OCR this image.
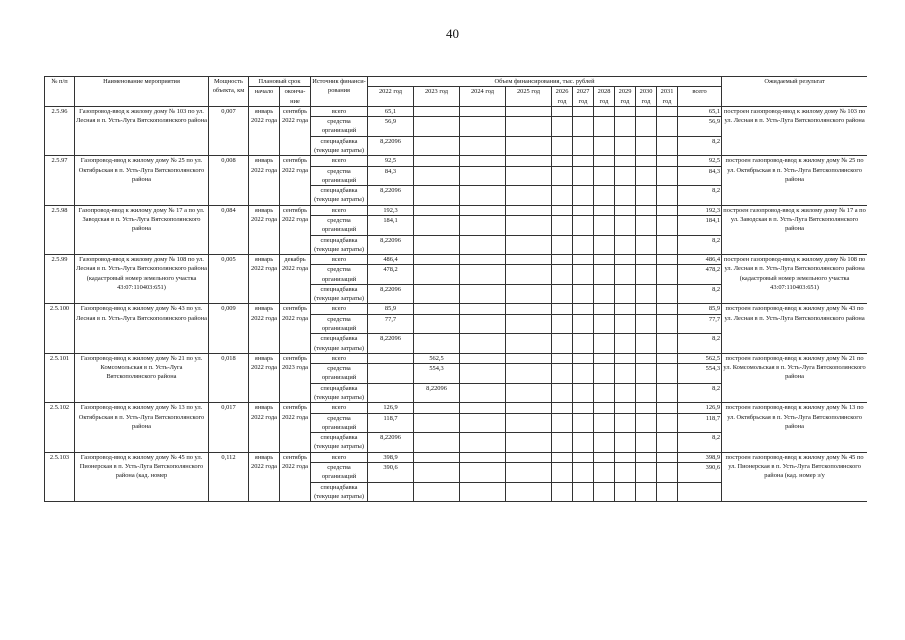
40
№ п/п	Наименование мероприятия	Мощность объекта, км	Плановый срок		Источник финанси-рования	Объем финансирования, тыс. рублей											Ожидаемый результат
			начало	оконча-ние		2022 год	2023 год	2024 год	2025 год	2026 год	2027 год	2028 год	2029 год	2030 год	2031 год	всего	
2.5.96	Газопровод-ввод к жилому дому № 103 по ул. Лесная в п. Усть-Луга Вятскополянского района	0,007	январь 2022 года	сентябрь 2022 года	всего	65,1										65,1	построен газопровод-ввод к жилому дому № 103 по ул. Лесная в п. Усть-Луга Вятскополянского района
					средства организаций	56,9										56,9	
					спецнадбавка (текущие затраты)	8,22096										8,2	
2.5.97	Газопровод-ввод к жилому дому № 25 по ул. Октябрьская в п. Усть-Луга Вятскополянского района	0,008	январь 2022 года	сентябрь 2022 года	всего	92,5										92,5	построен газопровод-ввод к жилому дому № 25 по ул. Октябрьская в п. Усть-Луга Вятскополянского района
					средства организаций	84,3										84,3	
					спецнадбавка (текущие затраты)	8,22096										8,2	
2.5.98	Газопровод-ввод к жилому дому № 17 а по ул. Заводская в п. Усть-Луга Вятскополянского района	0,084	январь 2022 года	сентябрь 2022 года	всего	192,3										192,3	построен газопровод-ввод к жилому дому № 17 а по ул. Заводская в п. Усть-Луга Вятскополянского района
					средства организаций	184,1										184,1	
					спецнадбавка (текущие затраты)	8,22096										8,2	
2.5.99	Газопровод-ввод к жилому дому № 108 по ул. Лесная в п. Усть-Луга Вятскополянского района (кадастровый номер земельного участка 43:07:110403:651)	0,005	январь 2022 года	декабрь 2022 года	всего	486,4										486,4	построен газопровод-ввод к жилому дому № 108 по ул. Лесная в п. Усть-Луга Вятскополянского района (кадастровый номер земельного участка 43:07:110403:651)
					средства организаций	478,2										478,2	
					спецнадбавка (текущие затраты)	8,22096										8,2	
2.5.100	Газопровод-ввод к жилому дому № 43 по ул. Лесная в п. Усть-Луга Вятскополянского района	0,009	январь 2022 года	сентябрь 2022 года	всего	85,9										85,9	построен газопровод-ввод к жилому дому № 43 по ул. Лесная в п. Усть-Луга Вятскополянского района
					средства организаций	77,7										77,7	
					спецнадбавка (текущие затраты)	8,22096										8,2	
2.5.101	Газопровод-ввод к жилому дому № 21 по ул. Комсомольская в п. Усть-Луга Вятскополянского района	0,018	январь 2022 года	сентябрь 2023 года	всего		562,5									562,5	построен газопровод-ввод к жилому дому № 21 по ул. Комсомольская в п. Усть-Луга Вятскополянского района
					средства организаций		554,3									554,3	
					спецнадбавка (текущие затраты)		8,22096									8,2	
2.5.102	Газопровод-ввод к жилому дому № 13 по ул. Октябрьская в п. Усть-Луга Вятскополянского района	0,017	январь 2022 года	сентябрь 2022 года	всего	126,9										126,9	построен газопровод-ввод к жилому дому № 13 по ул. Октябрьская в п. Усть-Луга Вятскополянского района
					средства организаций	118,7										118,7	
					спецнадбавка (текущие затраты)	8,22096										8,2	
2.5.103	Газопровод-ввод к жилому дому № 45 по ул. Пионерская в п. Усть-Луга Вятскополянского района (кад. номер	0,112	январь 2022 года	сентябрь 2022 года	всего	398,9										398,9	построен газопровод-ввод к жилому дому № 45 по ул. Пионерская в п. Усть-Луга Вятскополянского района (кад. номер з/у
					средства организаций	390,6										390,6	
					спецнадбавка (текущие затраты)												
